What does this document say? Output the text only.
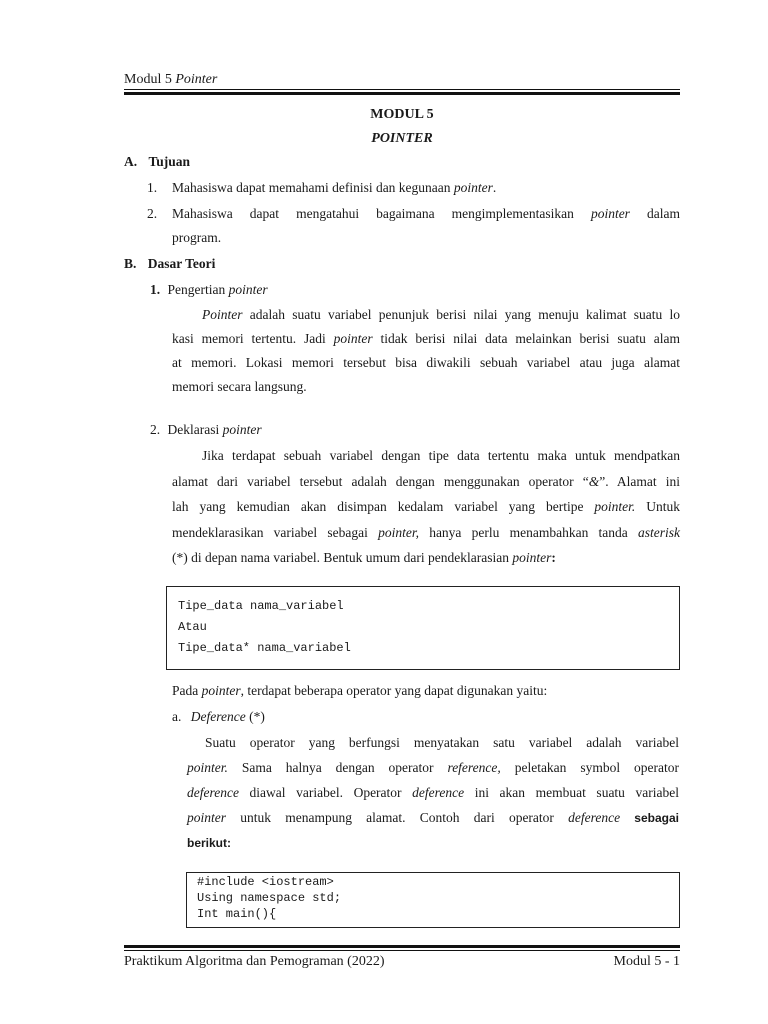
Modul 5 Pointer
MODUL 5
POINTER
A. Tujuan
1. Mahasiswa dapat memahami definisi dan kegunaan pointer.
2. Mahasiswa dapat mengatahui bagaimana mengimplementasikan pointer dalam
program.
B. Dasar Teori
1. Pengertian pointer
Pointer adalah suatu variabel penunjuk berisi nilai yang menuju kalimat suatu lo
kasi memori tertentu. Jadi pointer tidak berisi nilai data melainkan berisi suatu alam
at memori. Lokasi memori tersebut bisa diwakili sebuah variabel atau juga alamat
memori secara langsung.
2. Deklarasi pointer
Jika terdapat sebuah variabel dengan tipe data tertentu maka untuk mendpatkan
alamat dari variabel tersebut adalah dengan menggunakan operator “&”. Alamat ini
lah yang kemudian akan disimpan kedalam variabel yang bertipe pointer. Untuk
mendeklarasikan variabel sebagai pointer, hanya perlu menambahkan tanda asterisk
(*) di depan nama variabel. Bentuk umum dari pendeklarasian pointer:
Tipe_data nama_variabel
Atau
Tipe_data* nama_variabel
Pada pointer, terdapat beberapa operator yang dapat digunakan yaitu:
a. Deference (*)
Suatu operator yang berfungsi menyatakan satu variabel adalah variabel
pointer. Sama halnya dengan operator reference, peletakan symbol operator
deference diawal variabel. Operator deference ini akan membuat suatu variabel
pointer untuk menampung alamat. Contoh dari operator deference sebagai
berikut:
#include <iostream>
Using namespace std;
Int main(){
Praktikum Algoritma dan Pemograman (2022)	Modul 5 - 1
